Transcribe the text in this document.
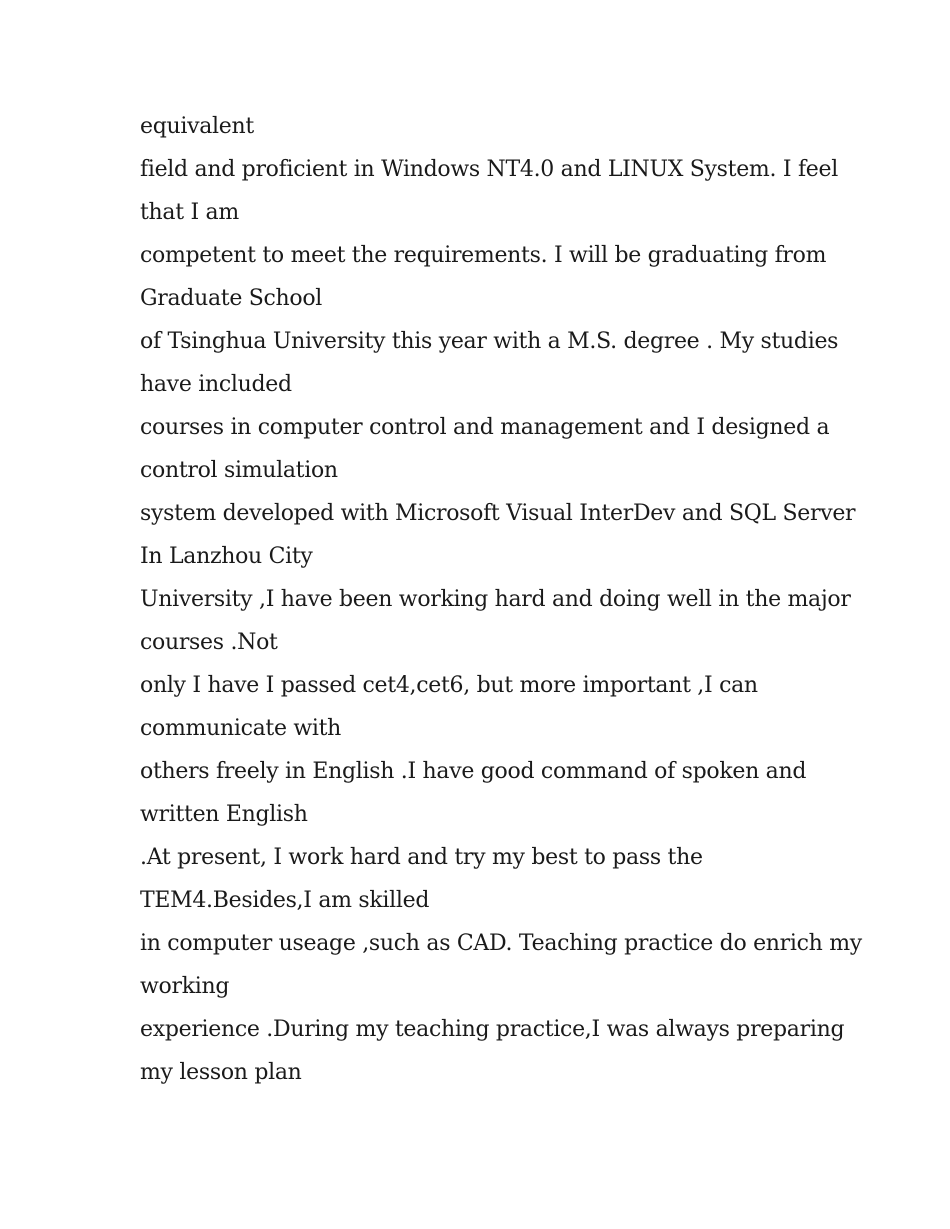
equivalent

field and proficient in Windows NT4.0 and LINUX System. I feel

that I am

competent to meet the requirements. I will be graduating from

Graduate School

of Tsinghua University this year with a M.S. degree . My studies

have included

courses in computer control and management and I designed a

control simulation

system developed with Microsoft Visual InterDev and SQL Server

In Lanzhou City

University ,I have been working hard and doing well in the major

courses .Not

only I have I passed cet4,cet6, but more important ,I can

communicate with

others freely in English .I have good command of spoken and

written English

.At present, I work hard and try my best to pass the

TEM4.Besides,I am skilled

in computer useage ,such as CAD. Teaching practice do enrich my

working

experience .During my teaching practice,I was always preparing

my lesson plan
